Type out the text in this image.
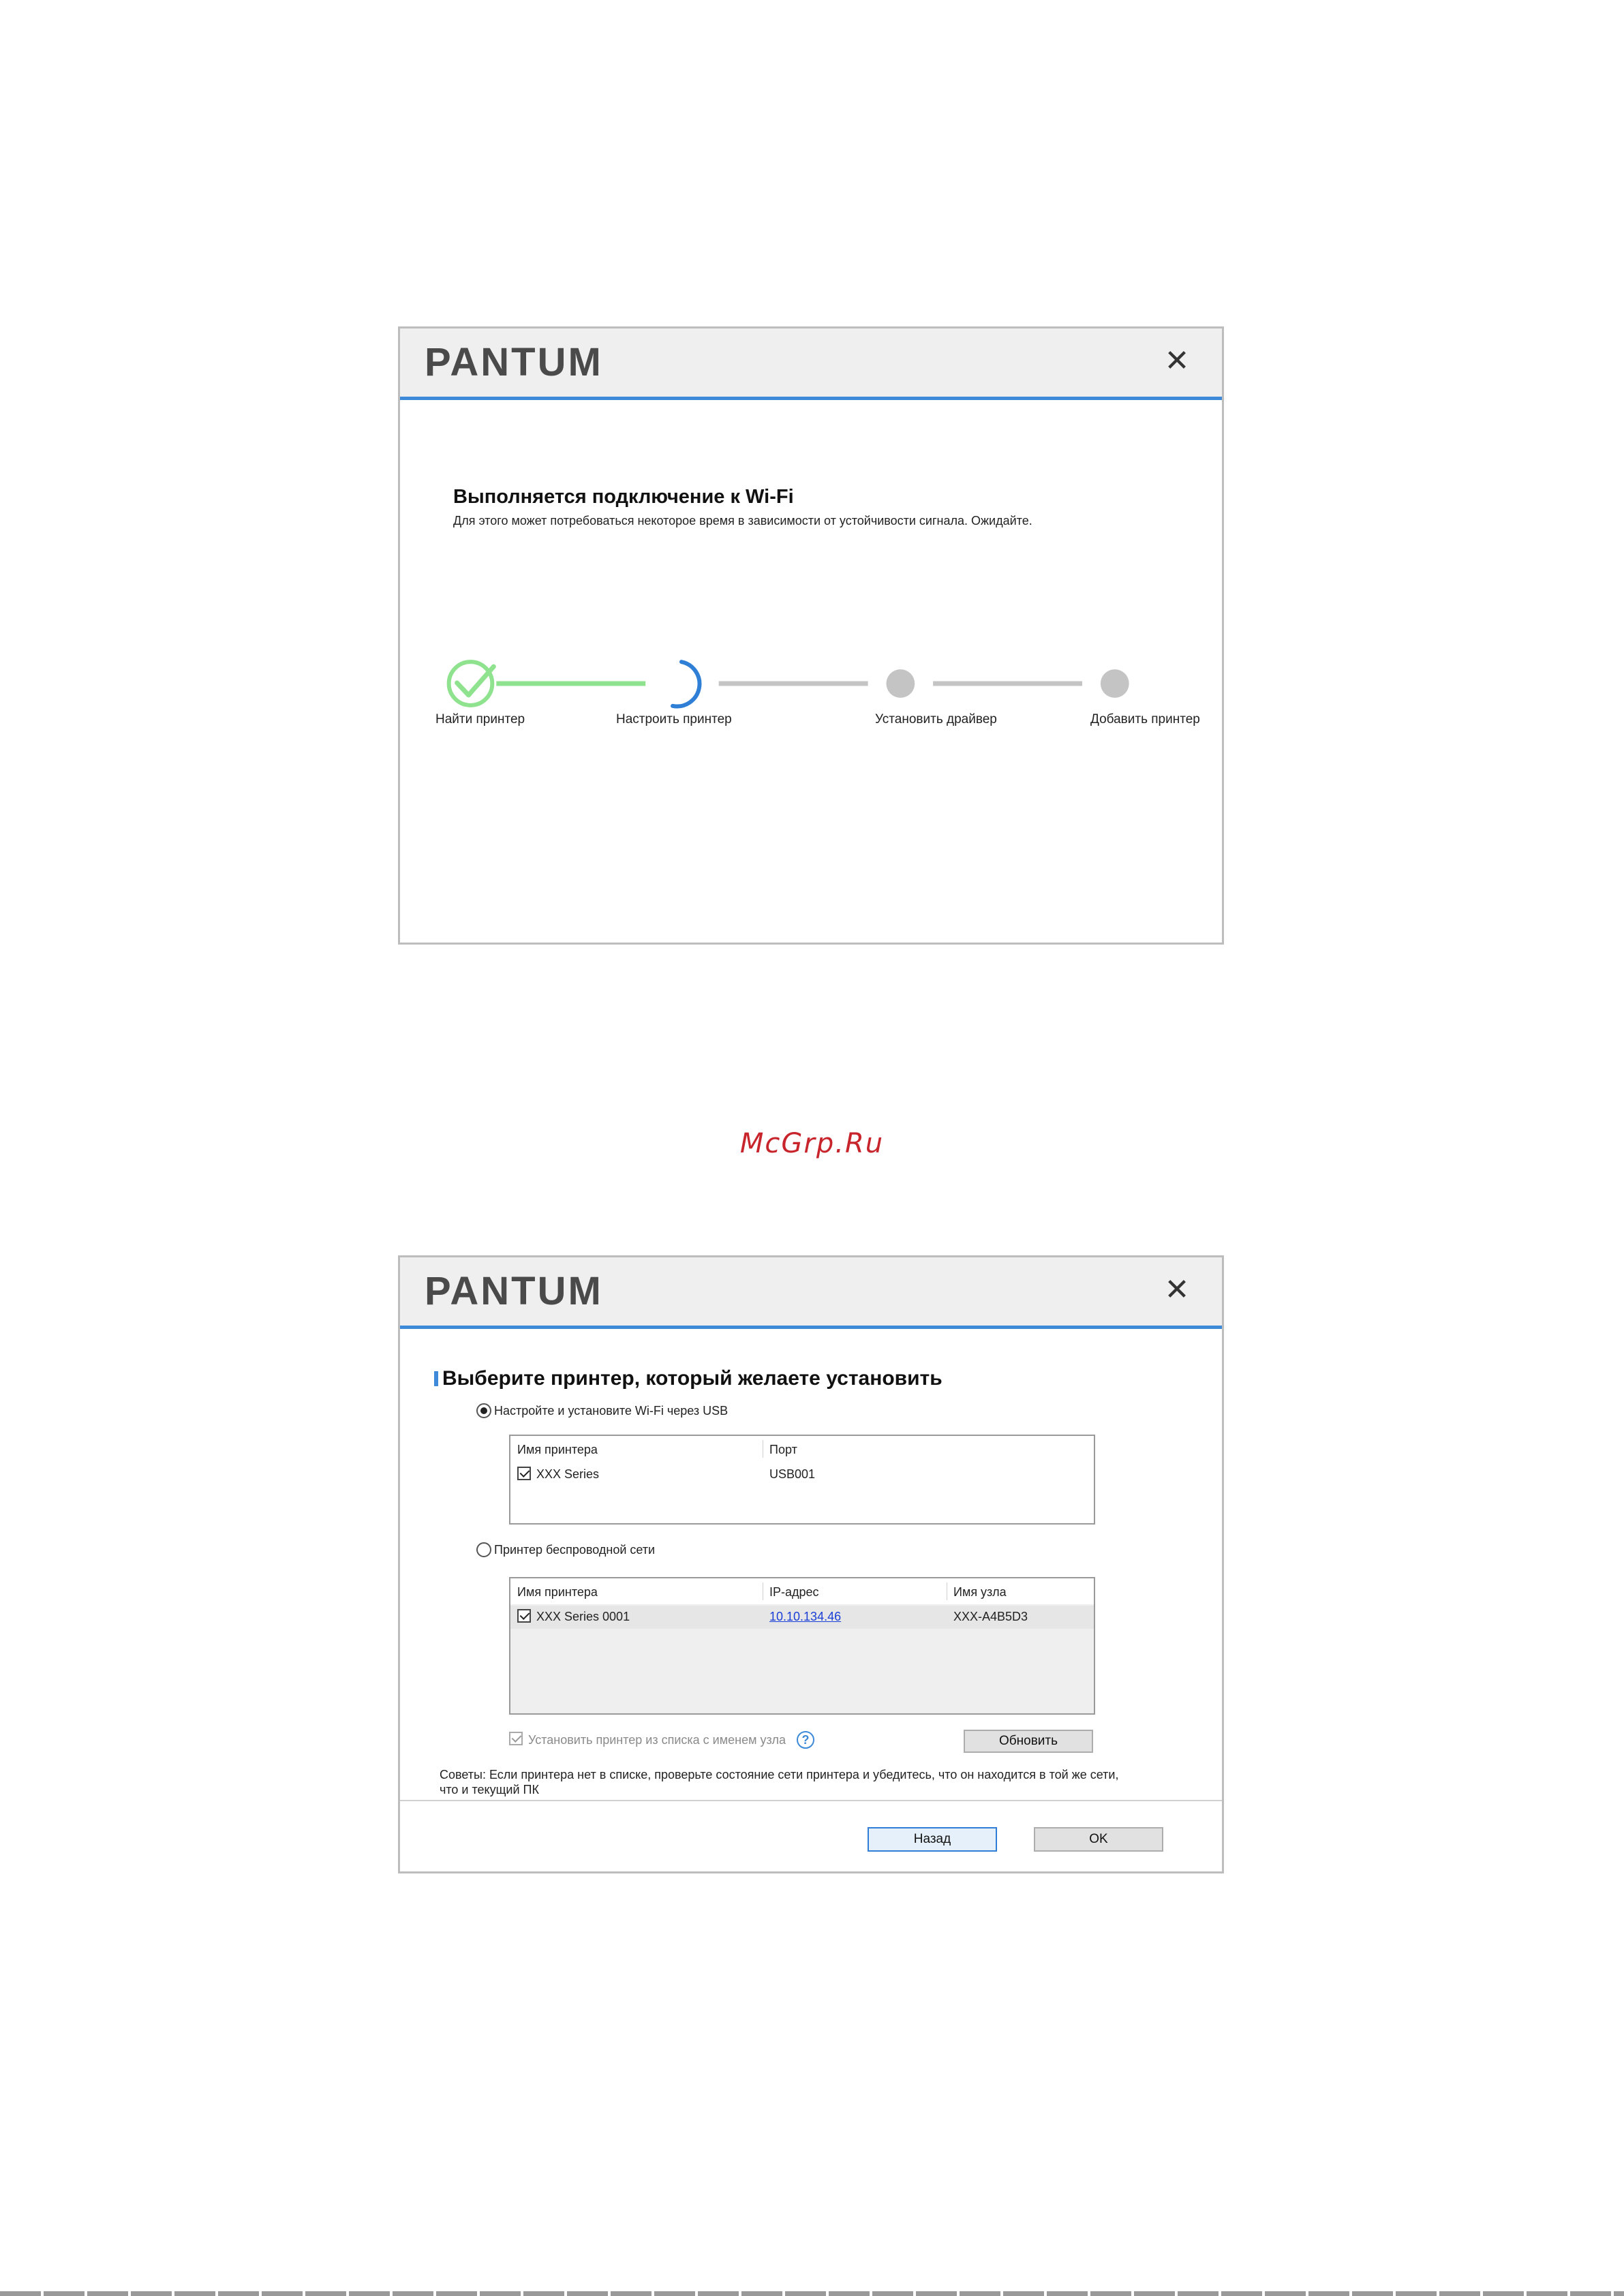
PANTUM	✕
Выполняется подключение к Wi-Fi
Для этого может потребоваться некоторое время в зависимости от устойчивости сигнала. Ожидайте.
Найти принтер	Настроить принтер	Установить драйвер	Добавить принтер
McGrp.Ru
PANTUM	✕
Выберите принтер, который желаете установить
Настройте и установите Wi-Fi через USB
Имя принтера	Порт
XXX Series	USB001
Принтер беспроводной сети
Имя принтера	IP-адрес	Имя узла
XXX Series 0001	10.10.134.46	XXX-A4B5D3
Установить принтер из списка с именем узла	?	Обновить
Советы: Если принтера нет в списке, проверьте состояние сети принтера и убедитесь, что он находится в той же сети, что и текущий ПК
Назад	OK
